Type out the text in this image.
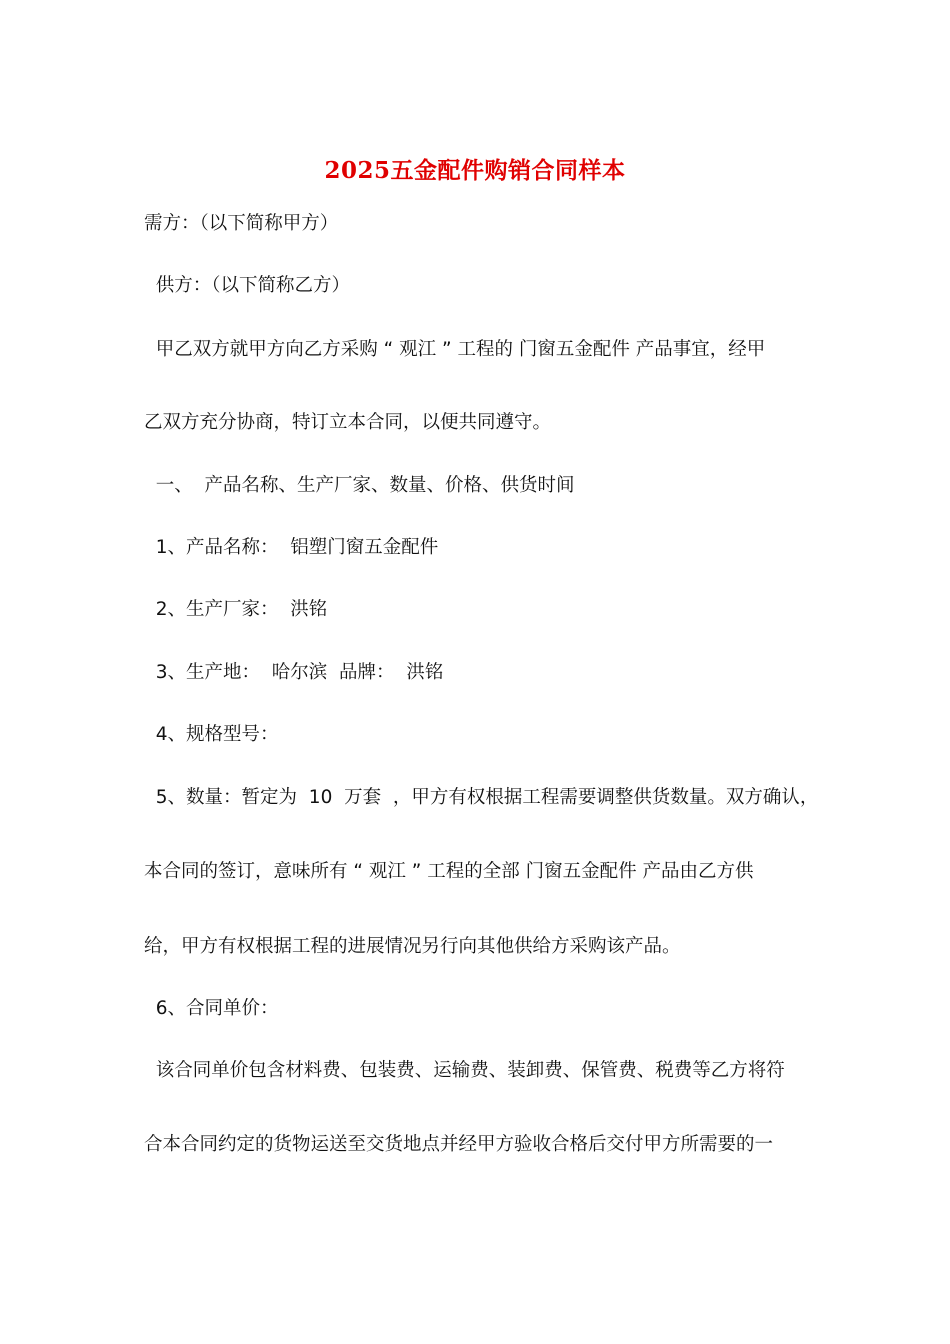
2025五金配件购销合同样本
需方：（以下简称甲方）
供方：（以下简称乙方）
甲乙双方就甲方向乙方采购 “ 观江 ” 工程的 门窗五金配件 产品事宜，经甲
乙双方充分协商，特订立本合同，以便共同遵守。
一、  产品名称、生产厂家、数量、价格、供货时间
1、产品名称：  铝塑门窗五金配件
2、生产厂家：  洪铭
3、生产地：  哈尔滨  品牌：  洪铭
4、规格型号：
5、数量：暂定为  10  万套  ，甲方有权根据工程需要调整供货数量。双方确认，
本合同的签订，意味所有 “ 观江 ” 工程的全部 门窗五金配件 产品由乙方供
给，甲方有权根据工程的进展情况另行向其他供给方采购该产品。
6、合同单价：
该合同单价包含材料费、包装费、运输费、装卸费、保管费、税费等乙方将符
合本合同约定的货物运送至交货地点并经甲方验收合格后交付甲方所需要的一
